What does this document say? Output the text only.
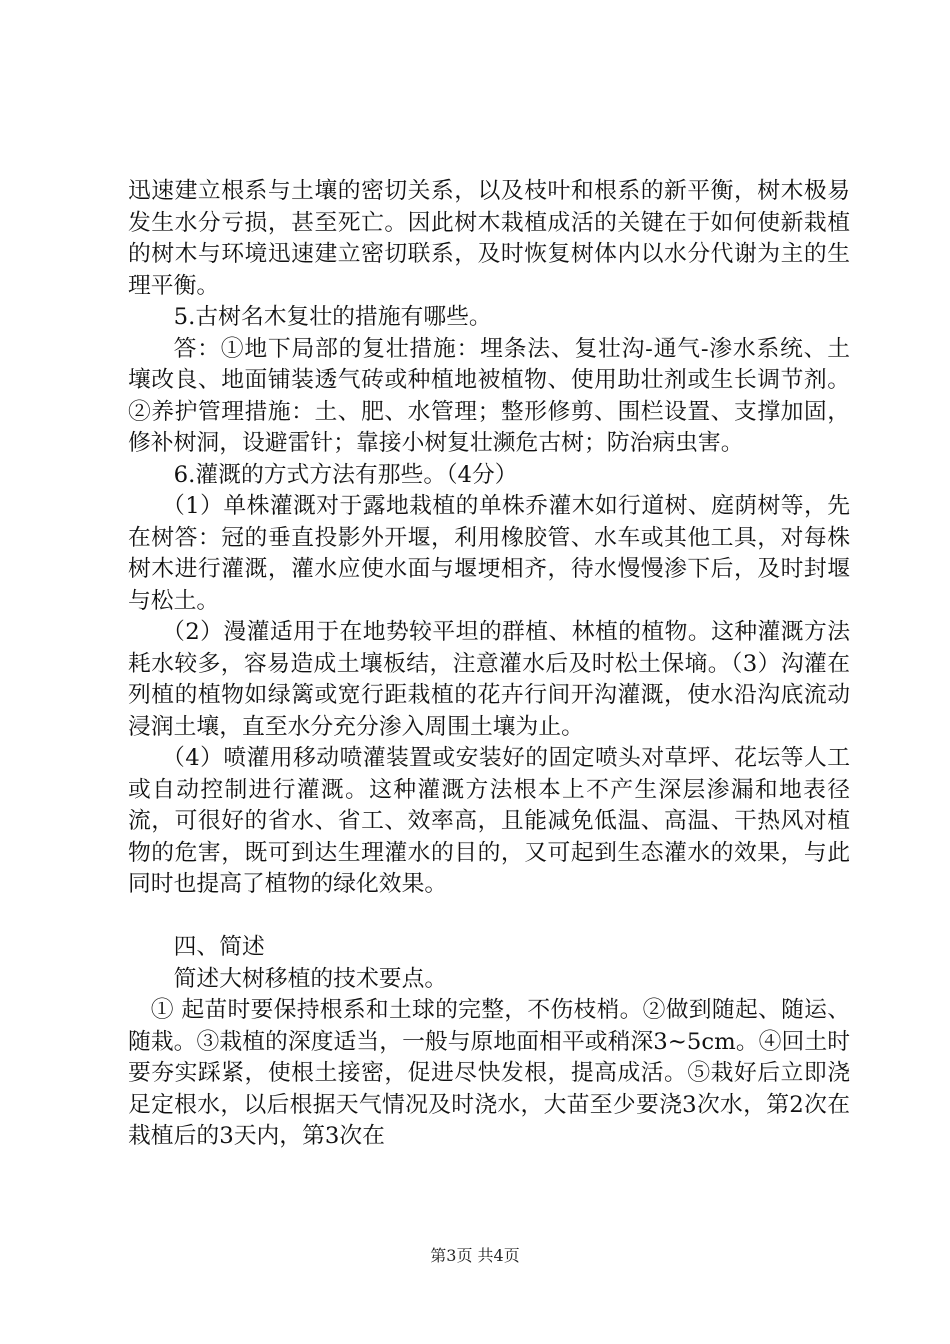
迅速建立根系与土壤的密切关系，以及枝叶和根系的新平衡，树木极易发生水分亏损，甚至死亡。因此树木栽植成活的关键在于如何使新栽植的树木与环境迅速建立密切联系，及时恢复树体内以水分代谢为主的生理平衡。

5.古树名木复壮的措施有哪些。

答：①地下局部的复壮措施：埋条法、复壮沟-通气-渗水系统、土壤改良、地面铺装透气砖或种植地被植物、使用助壮剂或生长调节剂。②养护管理措施：土、肥、水管理；整形修剪、围栏设置、支撑加固，修补树洞，设避雷针；靠接小树复壮濒危古树；防治病虫害。

6.灌溉的方式方法有那些。（4分）

（1）单株灌溉对于露地栽植的单株乔灌木如行道树、庭荫树等，先在树答：冠的垂直投影外开堰，利用橡胶管、水车或其他工具，对每株树木进行灌溉，灌水应使水面与堰埂相齐，待水慢慢渗下后，及时封堰与松土。

（2）漫灌适用于在地势较平坦的群植、林植的植物。这种灌溉方法耗水较多，容易造成土壤板结，注意灌水后及时松土保墒。（3）沟灌在列植的植物如绿篱或宽行距栽植的花卉行间开沟灌溉，使水沿沟底流动浸润土壤，直至水分充分渗入周围土壤为止。

（4）喷灌用移动喷灌装置或安装好的固定喷头对草坪、花坛等人工或自动控制进行灌溉。这种灌溉方法根本上不产生深层渗漏和地表径流，可很好的省水、省工、效率高，且能减免低温、高温、干热风对植物的危害，既可到达生理灌水的目的，又可起到生态灌水的效果，与此同时也提高了植物的绿化效果。

四、简述

简述大树移植的技术要点。

① 起苗时要保持根系和土球的完整，不伤枝梢。②做到随起、随运、随栽。③栽植的深度适当，一般与原地面相平或稍深3~5cm。④回土时要夯实踩紧，使根土接密，促进尽快发根，提高成活。⑤栽好后立即浇足定根水，以后根据天气情况及时浇水，大苗至少要浇3次水，第2次在栽植后的3天内，第3次在

第3页 共4页
